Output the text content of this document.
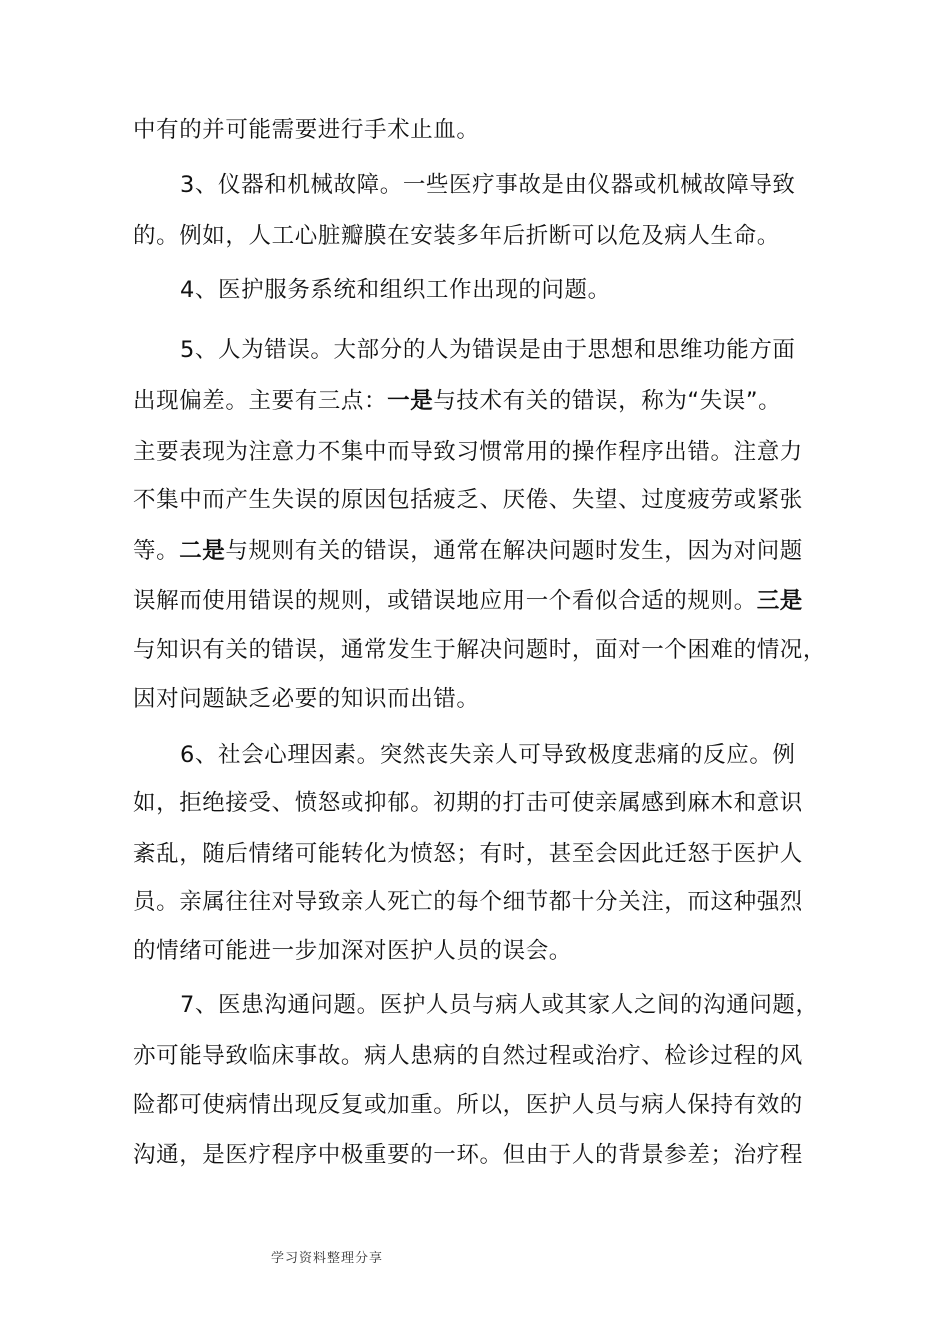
中有的并可能需要进行手术止血。
3、仪器和机械故障。一些医疗事故是由仪器或机械故障导致
的。例如，人工心脏瓣膜在安装多年后折断可以危及病人生命。
4、医护服务系统和组织工作出现的问题。
5、人为错误。大部分的人为错误是由于思想和思维功能方面
出现偏差。主要有三点：一是与技术有关的错误，称为“失误”。
主要表现为注意力不集中而导致习惯常用的操作程序出错。注意力
不集中而产生失误的原因包括疲乏、厌倦、失望、过度疲劳或紧张
等。二是与规则有关的错误，通常在解决问题时发生，因为对问题
误解而使用错误的规则，或错误地应用一个看似合适的规则。三是
与知识有关的错误，通常发生于解决问题时，面对一个困难的情况，
因对问题缺乏必要的知识而出错。
6、社会心理因素。突然丧失亲人可导致极度悲痛的反应。例
如，拒绝接受、愤怒或抑郁。初期的打击可使亲属感到麻木和意识
紊乱，随后情绪可能转化为愤怒；有时，甚至会因此迁怒于医护人
员。亲属往往对导致亲人死亡的每个细节都十分关注，而这种强烈
的情绪可能进一步加深对医护人员的误会。
7、医患沟通问题。医护人员与病人或其家人之间的沟通问题，
亦可能导致临床事故。病人患病的自然过程或治疗、检诊过程的风
险都可使病情出现反复或加重。所以，医护人员与病人保持有效的
沟通，是医疗程序中极重要的一环。但由于人的背景参差；治疗程
学习资料整理分享
